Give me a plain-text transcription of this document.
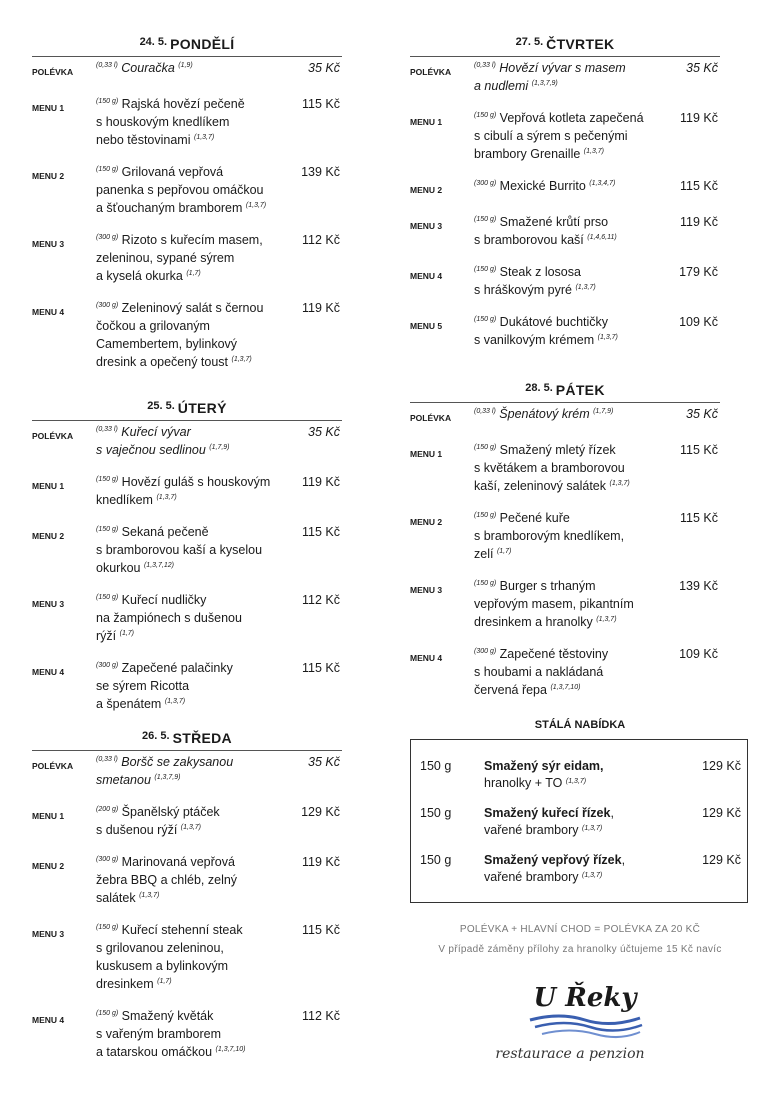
$^{24. 5.}$ PONDĚLÍ
POLÉVKA
$^{(0,33 l)}$ Couračka $^{(1,9)}$	35 Kč
MENU 1
$^{(150 g)}$ Rajská hovězí pečeně
s houskovým knedlíkem
nebo těstovinami $^{(1,3,7)}$
115 Kč
MENU 2
$^{(150 g)}$ Grilovaná vepřová
panenka s pepřovou omáčkou
a šťouchaným bramborem $^{(1,3,7)}$
139 Kč
MENU 3
$^{(300 g)}$ Rizoto s kuřecím masem,
zeleninou, sypané sýrem
a kyselá okurka $^{(1,7)}$
112 Kč
MENU 4
$^{(300 g)}$ Zeleninový salát s černou
čočkou a grilovaným
Camembertem, bylinkový
dresink a opečený toust $^{(1,3,7)}$
119 Kč
$^{25. 5.}$ ÚTERÝ
POLÉVKA
$^{(0,33 l)}$ Kuřecí vývar
s vaječnou sedlinou $^{(1,7,9)}$
35 Kč
MENU 1
$^{(150 g)}$ Hovězí guláš s houskovým
knedlíkem $^{(1,3,7)}$
119 Kč
MENU 2
$^{(150 g)}$ Sekaná pečeně
s bramborovou kaší a kyselou
okurkou $^{(1,3,7,12)}$
115 Kč
MENU 3
$^{(150 g)}$ Kuřecí nudličky
na žampiónech s dušenou
rýží $^{(1,7)}$
112 Kč
MENU 4
$^{(300 g)}$ Zapečené palačinky
se sýrem Ricotta
a špenátem $^{(1,3,7)}$
115 Kč
$^{26. 5.}$ STŘEDA
POLÉVKA
$^{(0,33 l)}$ Boršč se zakysanou
smetanou $^{(1,3,7,9)}$
35 Kč
MENU 1
$^{(200 g)}$ Španělský ptáček
s dušenou rýží $^{(1,3,7)}$
129 Kč
MENU 2
$^{(300 g)}$ Marinovaná vepřová
žebra BBQ a chléb, zelný
salátek $^{(1,3,7)}$
119 Kč
MENU 3
$^{(150 g)}$ Kuřecí stehenní steak
s grilovanou zeleninou,
kuskusem a bylinkovým
dresinkem $^{(1,7)}$
115 Kč
MENU 4
$^{(150 g)}$ Smažený květák
s vařeným bramborem
a tatarskou omáčkou $^{(1,3,7,10)}$
112 Kč
$^{27. 5.}$ ČTVRTEK
POLÉVKA
$^{(0,33 l)}$ Hovězí vývar s masem
a nudlemi $^{(1,3,7,9)}$
35 Kč
MENU 1
$^{(150 g)}$ Vepřová kotleta zapečená
s cibulí a sýrem s pečenými
brambory Grenaille $^{(1,3,7)}$
119 Kč
MENU 2
$^{(300 g)}$ Mexické Burrito $^{(1,3,4,7)}$	115 Kč
MENU 3
$^{(150 g)}$ Smažené krůtí prso
s bramborovou kaší $^{(1,4,6,11)}$
119 Kč
MENU 4
$^{(150 g)}$ Steak z lososa
s hráškovým pyré $^{(1,3,7)}$
179 Kč
MENU 5
$^{(150 g)}$ Dukátové buchtičky
s vanilkovým krémem $^{(1,3,7)}$
109 Kč
$^{28. 5.}$ PÁTEK
POLÉVKA
$^{(0,33 l)}$ Špenátový krém $^{(1,7,9)}$	35 Kč
MENU 1
$^{(150 g)}$ Smažený mletý řízek
s květákem a bramborovou
kaší, zeleninový salátek $^{(1,3,7)}$
115 Kč
MENU 2
$^{(150 g)}$ Pečené kuře
s bramborovým knedlíkem,
zelí $^{(1,7)}$
115 Kč
MENU 3
$^{(150 g)}$ Burger s trhaným
vepřovým masem, pikantním
dresinkem a hranolky $^{(1,3,7)}$
139 Kč
MENU 4
$^{(300 g)}$ Zapečené těstoviny
s houbami a nakládaná
červená řepa $^{(1,3,7,10)}$
109 Kč
STÁLÁ NABÍDKA
150 g	Smažený sýr eidam,
hranolky + TO $^{(1,3,7)}$
129 Kč
150 g	Smažený kuřecí řízek,
vařené brambory $^{(1,3,7)}$
129 Kč
150 g	Smažený vepřový řízek,
vařené brambory $^{(1,3,7)}$
129 Kč
POLÉVKA + HLAVNÍ CHOD = POLÉVKA ZA 20 KČ
V případě záměny přílohy za hranolky účtujeme 15 Kč navíc
U Řeky
restaurace a penzion
